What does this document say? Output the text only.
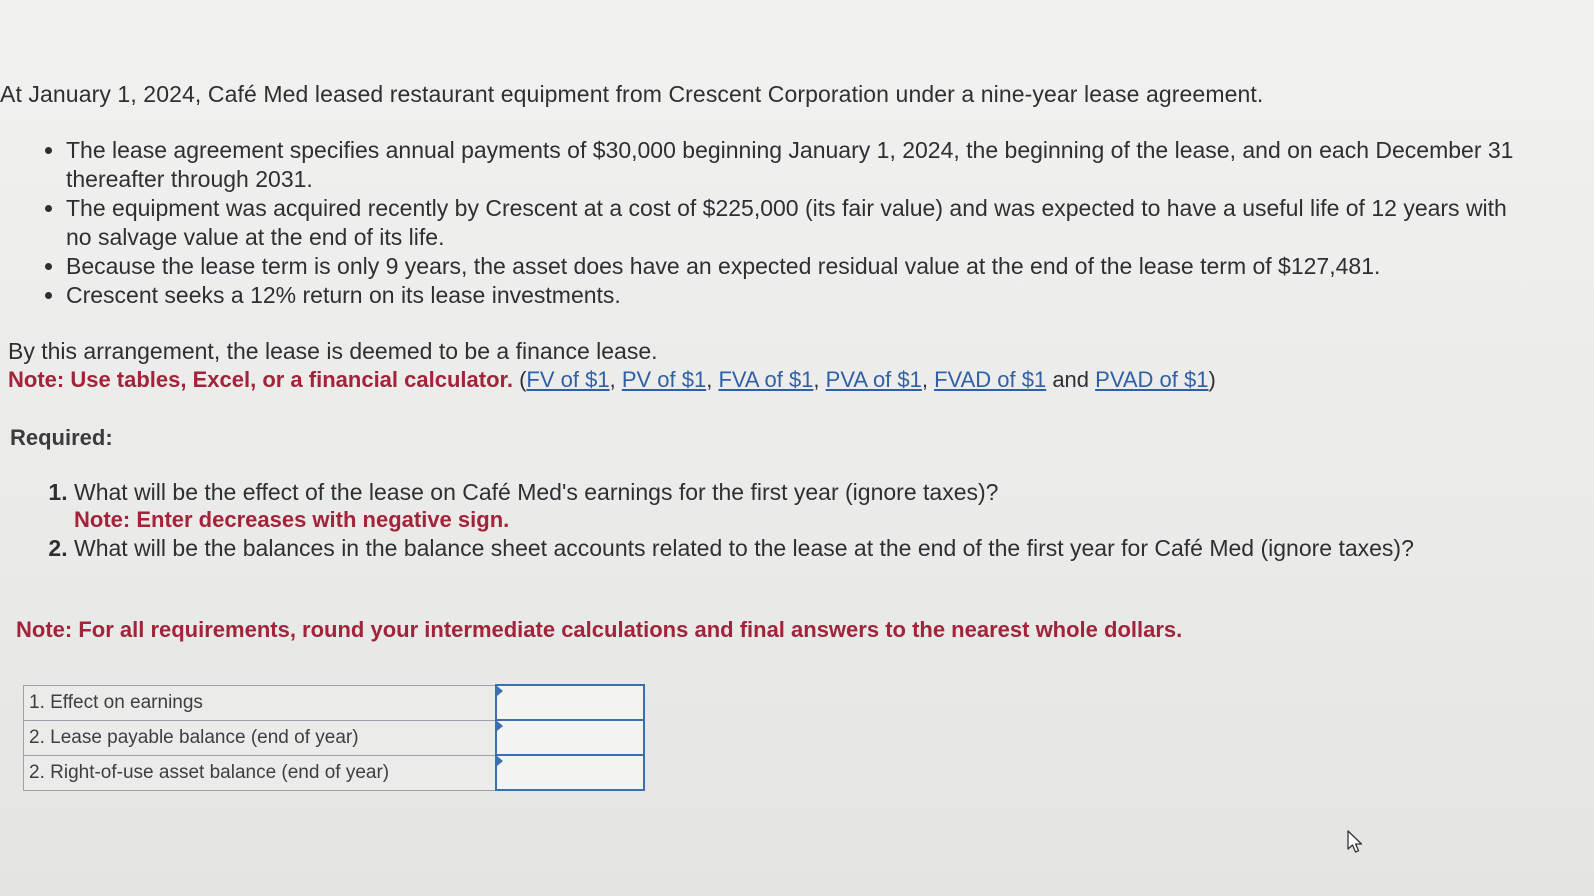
At January 1, 2024, Café Med leased restaurant equipment from Crescent Corporation under a nine-year lease agreement.
• The lease agreement specifies annual payments of $30,000 beginning January 1, 2024, the beginning of the lease, and on each December 31 thereafter through 2031.
• The equipment was acquired recently by Crescent at a cost of $225,000 (its fair value) and was expected to have a useful life of 12 years with no salvage value at the end of its life.
• Because the lease term is only 9 years, the asset does have an expected residual value at the end of the lease term of $127,481.
• Crescent seeks a 12% return on its lease investments.
By this arrangement, the lease is deemed to be a finance lease.
Note: Use tables, Excel, or a financial calculator. (FV of $1, PV of $1, FVA of $1, PVA of $1, FVAD of $1 and PVAD of $1)
Required:
1. What will be the effect of the lease on Café Med's earnings for the first year (ignore taxes)?
Note: Enter decreases with negative sign.
2. What will be the balances in the balance sheet accounts related to the lease at the end of the first year for Café Med (ignore taxes)?
Note: For all requirements, round your intermediate calculations and final answers to the nearest whole dollars.
1. Effect on earnings	

2. Lease payable balance (end of year)	

2. Right-of-use asset balance (end of year)	
